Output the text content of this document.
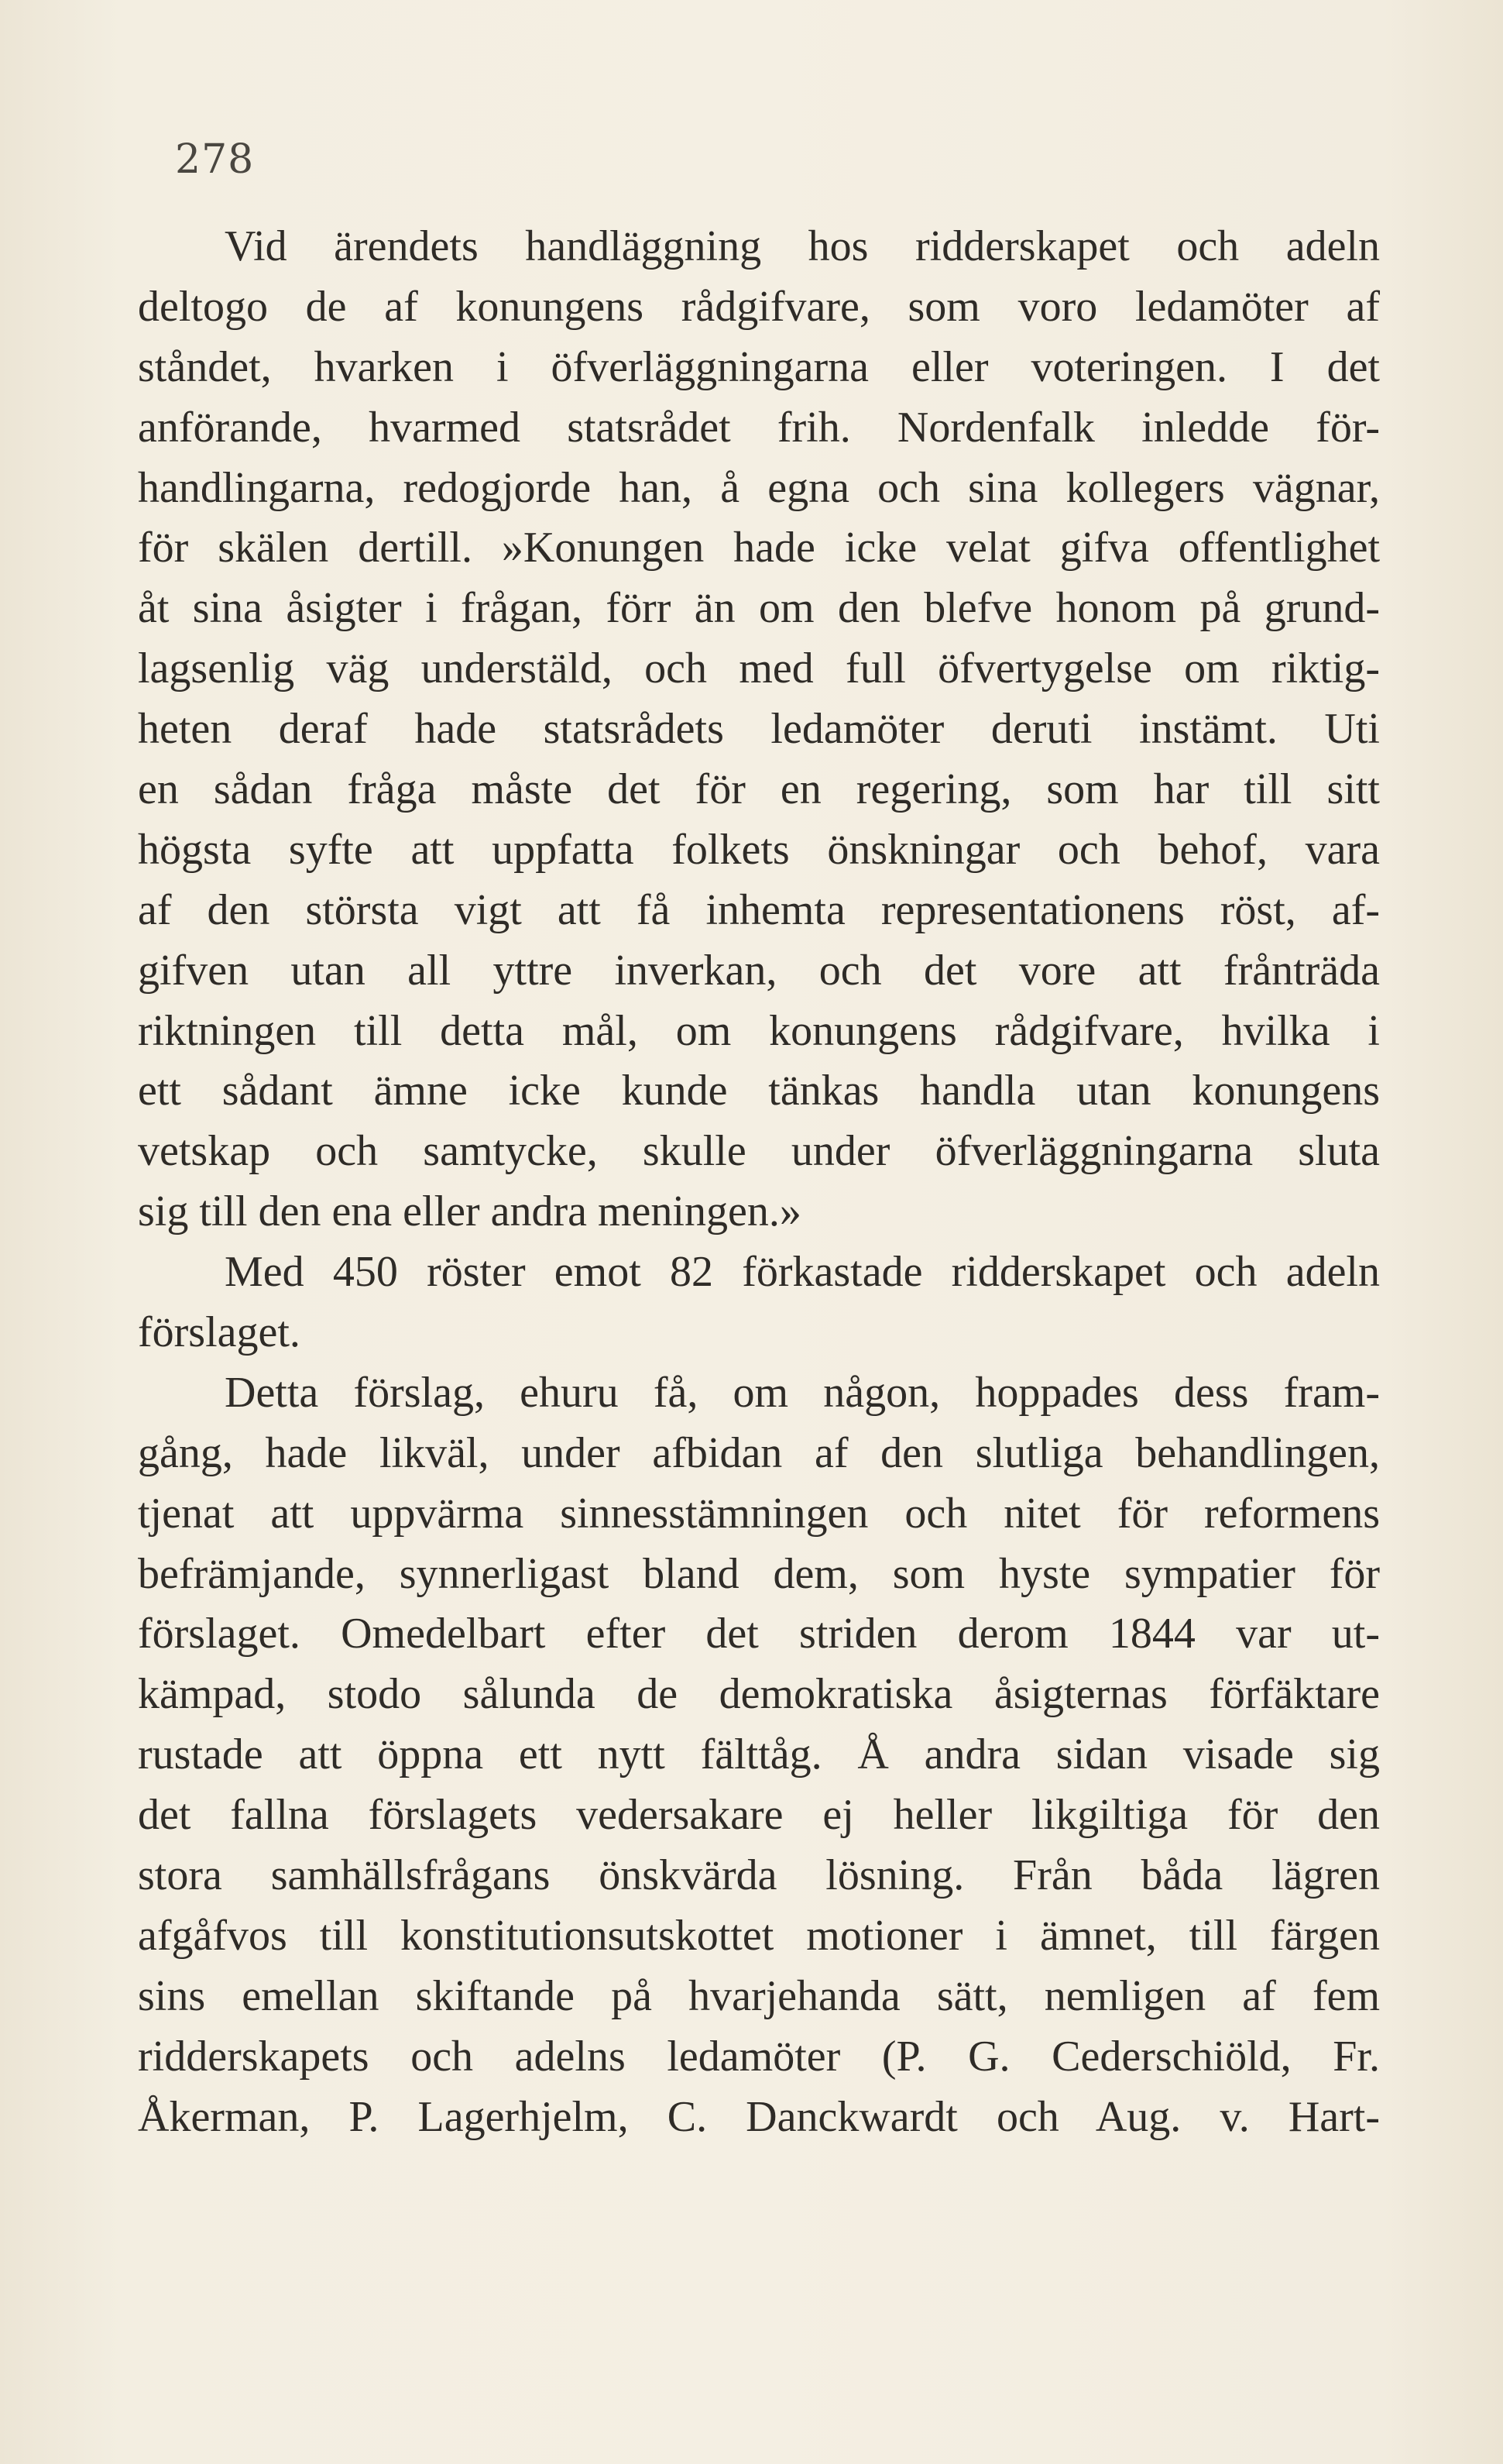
278
Vid ärendets handläggning hos ridderskapet och adeln
deltogo de af konungens rådgifvare, som voro ledamöter af
ståndet, hvarken i öfverläggningarna eller voteringen. I det
anförande, hvarmed statsrådet frih. Nordenfalk inledde för-
handlingarna, redogjorde han, å egna och sina kollegers vägnar,
för skälen dertill. »Konungen hade icke velat gifva offentlighet
åt sina åsigter i frågan, förr än om den blefve honom på grund-
lagsenlig väg understäld, och med full öfvertygelse om riktig-
heten deraf hade statsrådets ledamöter deruti instämt. Uti
en sådan fråga måste det för en regering, som har till sitt
högsta syfte att uppfatta folkets önskningar och behof, vara
af den största vigt att få inhemta representationens röst, af-
gifven utan all yttre inverkan, och det vore att frånträda
riktningen till detta mål, om konungens rådgifvare, hvilka i
ett sådant ämne icke kunde tänkas handla utan konungens
vetskap och samtycke, skulle under öfverläggningarna sluta
sig till den ena eller andra meningen.»
Med 450 röster emot 82 förkastade ridderskapet och adeln
förslaget.
Detta förslag, ehuru få, om någon, hoppades dess fram-
gång, hade likväl, under afbidan af den slutliga behandlingen,
tjenat att uppvärma sinnesstämningen och nitet för reformens
befrämjande, synnerligast bland dem, som hyste sympatier för
förslaget. Omedelbart efter det striden derom 1844 var ut-
kämpad, stodo sålunda de demokratiska åsigternas förfäktare
rustade att öppna ett nytt fälttåg. Å andra sidan visade sig
det fallna förslagets vedersakare ej heller likgiltiga för den
stora samhällsfrågans önskvärda lösning. Från båda lägren
afgåfvos till konstitutionsutskottet motioner i ämnet, till färgen
sins emellan skiftande på hvarjehanda sätt, nemligen af fem
ridderskapets och adelns ledamöter (P. G. Cederschiöld, Fr.
Åkerman, P. Lagerhjelm, C. Danckwardt och Aug. v. Hart-
